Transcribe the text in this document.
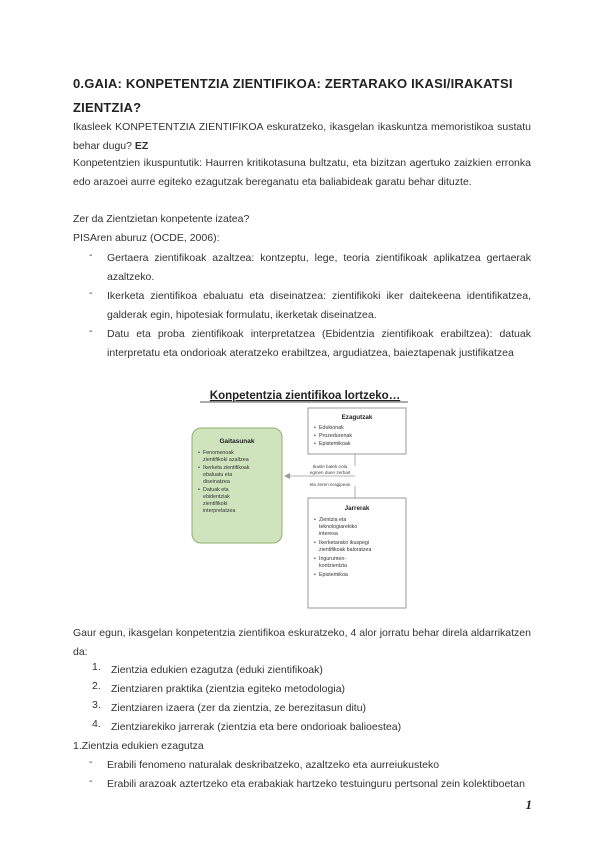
0.GAIA: KONPETENTZIA ZIENTIFIKOA: ZERTARAKO IKASI/IRAKATSI ZIENTZIA?
Ikasleek KONPETENTZIA ZIENTIFIKOA eskuratzeko, ikasgelan ikaskuntza memoristikoa sustatu behar dugu? EZ
Konpetentzien ikuspuntutik: Haurren kritikotasuna bultzatu, eta bizitzan agertuko zaizkien erronka edo arazoei aurre egiteko ezagutzak bereganatu eta baliabideak garatu behar dituzte.
Zer da Zientzietan konpetente izatea?
PISAren aburuz (OCDE, 2006):
- Gertaera zientifikoak azaltzea: kontzeptu, lege, teoria zientifikoak aplikatzea gertaerak azaltzeko.
- Ikerketa zientifikoa ebaluatu eta diseinatzea: zientifikoki iker daitekeena identifikatzea, galderak egin, hipotesiak formulatu, ikerketak diseinatzea.
- Datu eta proba zientifikoak interpretatzea (Ebidentzia zientifikoak erabiltzea): datuak interpretatu eta ondorioak ateratzeko erabiltzea, argudiatzea, baieztapenak justifikatzea
Konpetentzia zientifikoa lortzeko…
Gaitasunak
• Fenomenoak
zientifikoki azaltzea
• Ikerketa zientifikoak
ebaluatu eta
diseinatzea
• Datuak eta
ebidentziak
zientifikoki
interpretatzea
Ezagutzak
• Edukionak
• Prozedurenak
• Epistemikoak
Ikasle batek nola
eginen duen zerbait
eta zeren eragipean
Jarrerak
• Zientzia eta
teknologiarekiko
interesa
• Ikerketarako ikuspegi
zientifikoak baloratzea
• Ingurumen-
kontzientzia
• Epistemikoa
Gaur egun, ikasgelan konpetentzia zientifikoa eskuratzeko, 4 alor jorratu behar direla aldarrikatzen da:
1. Zientzia edukien ezagutza (eduki zientifikoak)
2. Zientziaren praktika (zientzia egiteko metodologia)
3. Zientziaren izaera (zer da zientzia, ze berezitasun ditu)
4. Zientziarekiko jarrerak (zientzia eta bere ondorioak balioestea)
1
1.Zientzia edukien ezagutza
- Erabili fenomeno naturalak deskribatzeko, azaltzeko eta aurreiukusteko
- Erabili arazoak aztertzeko eta erabakiak hartzeko testuinguru pertsonal zein kolektiboetan
